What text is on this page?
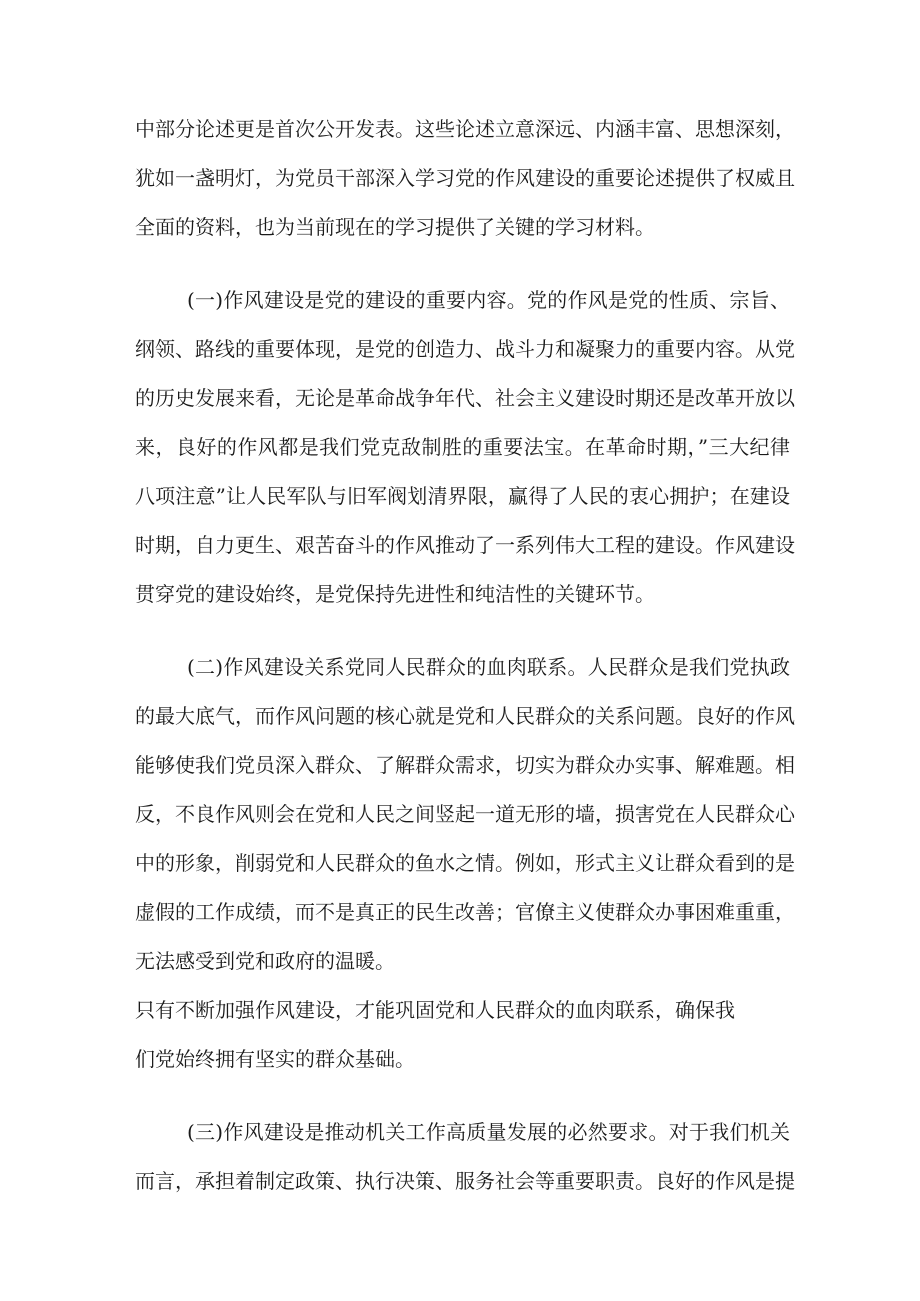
中部分论述更是首次公开发表。这些论述立意深远、内涵丰富、思想深刻，

犹如一盏明灯，为党员干部深入学习党的作风建设的重要论述提供了权威且

全面的资料，也为当前现在的学习提供了关键的学习材料。

(一)作风建设是党的建设的重要内容。党的作风是党的性质、宗旨、

纲领、路线的重要体现，是党的创造力、战斗力和凝聚力的重要内容。从党

的历史发展来看，无论是革命战争年代、社会主义建设时期还是改革开放以

来，良好的作风都是我们党克敌制胜的重要法宝。在革命时期，”三大纪律

八项注意”让人民军队与旧军阀划清界限，赢得了人民的衷心拥护；在建设

时期，自力更生、艰苦奋斗的作风推动了一系列伟大工程的建设。作风建设

贯穿党的建设始终，是党保持先进性和纯洁性的关键环节。

(二)作风建设关系党同人民群众的血肉联系。人民群众是我们党执政

的最大底气，而作风问题的核心就是党和人民群众的关系问题。良好的作风

能够使我们党员深入群众、了解群众需求，切实为群众办实事、解难题。相

反，不良作风则会在党和人民之间竖起一道无形的墙，损害党在人民群众心

中的形象，削弱党和人民群众的鱼水之情。例如，形式主义让群众看到的是

虚假的工作成绩，而不是真正的民生改善；官僚主义使群众办事困难重重，

无法感受到党和政府的温暖。

只有不断加强作风建设，才能巩固党和人民群众的血肉联系，确保我

们党始终拥有坚实的群众基础。

(三)作风建设是推动机关工作高质量发展的必然要求。对于我们机关

而言，承担着制定政策、执行决策、服务社会等重要职责。良好的作风是提
